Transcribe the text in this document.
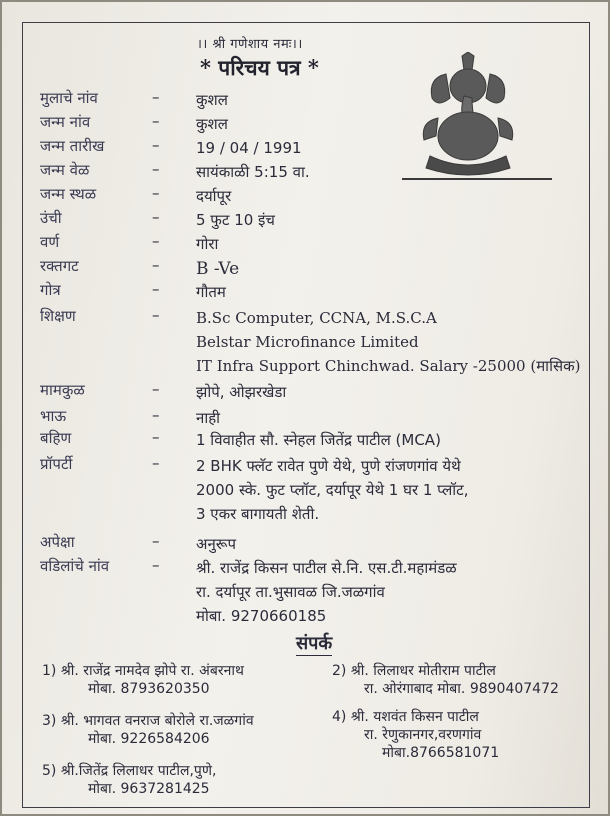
।। श्री गणेशाय नमः।।
* परिचय पत्र *
मुलाचे नांव	– कुशल
जन्म नांव	– कुशल
जन्म तारीख	– 19 / 04 / 1991
जन्म वेळ	– सायंकाळी 5:15 वा.
जन्म स्थळ	– दर्यापूर
उंची	– 5 फुट 10 इंच
वर्ण	– गोरा
रक्तगट	– B -Ve
गोत्र	– गौतम
शिक्षण	– B.Sc Computer, CCNA, M.S.C.A
Belstar Microfinance Limited
IT Infra Support Chinchwad. Salary -25000 (मासिक)
मामकुळ	– झोपे, ओझरखेडा
भाऊ	– नाही
बहिण	– 1 विवाहीत सौ. स्नेहल जितेंद्र पाटील (MCA)
प्रॉपर्टी	– 2 BHK फ्लॅट रावेत पुणे येथे, पुणे रांजणगांव येथे
2000 स्के. फुट प्लॉट, दर्यापूर येथे 1 घर 1 प्लॉट,
3 एकर बागायती शेती.
अपेक्षा	– अनुरूप
वडिलांचे नांव	– श्री. राजेंद्र किसन पाटील से.नि. एस.टी.महामंडळ
रा. दर्यापूर ता.भुसावळ जि.जळगांव
मोबा. 9270660185
संपर्क
1) श्री. राजेंद्र नामदेव झोपे रा. अंबरनाथ
मोबा. 8793620350
2) श्री. लिलाधर मोतीराम पाटील
रा. ओरंगाबाद मोबा. 9890407472
3) श्री. भागवत वनराज बोरोले रा.जळगांव
मोबा. 9226584206
4) श्री. यशवंत किसन पाटील
रा. रेणुकानगर,वरणगांव
मोबा.8766581071
5) श्री.जितेंद्र लिलाधर पाटील,पुणे,
मोबा. 9637281425
